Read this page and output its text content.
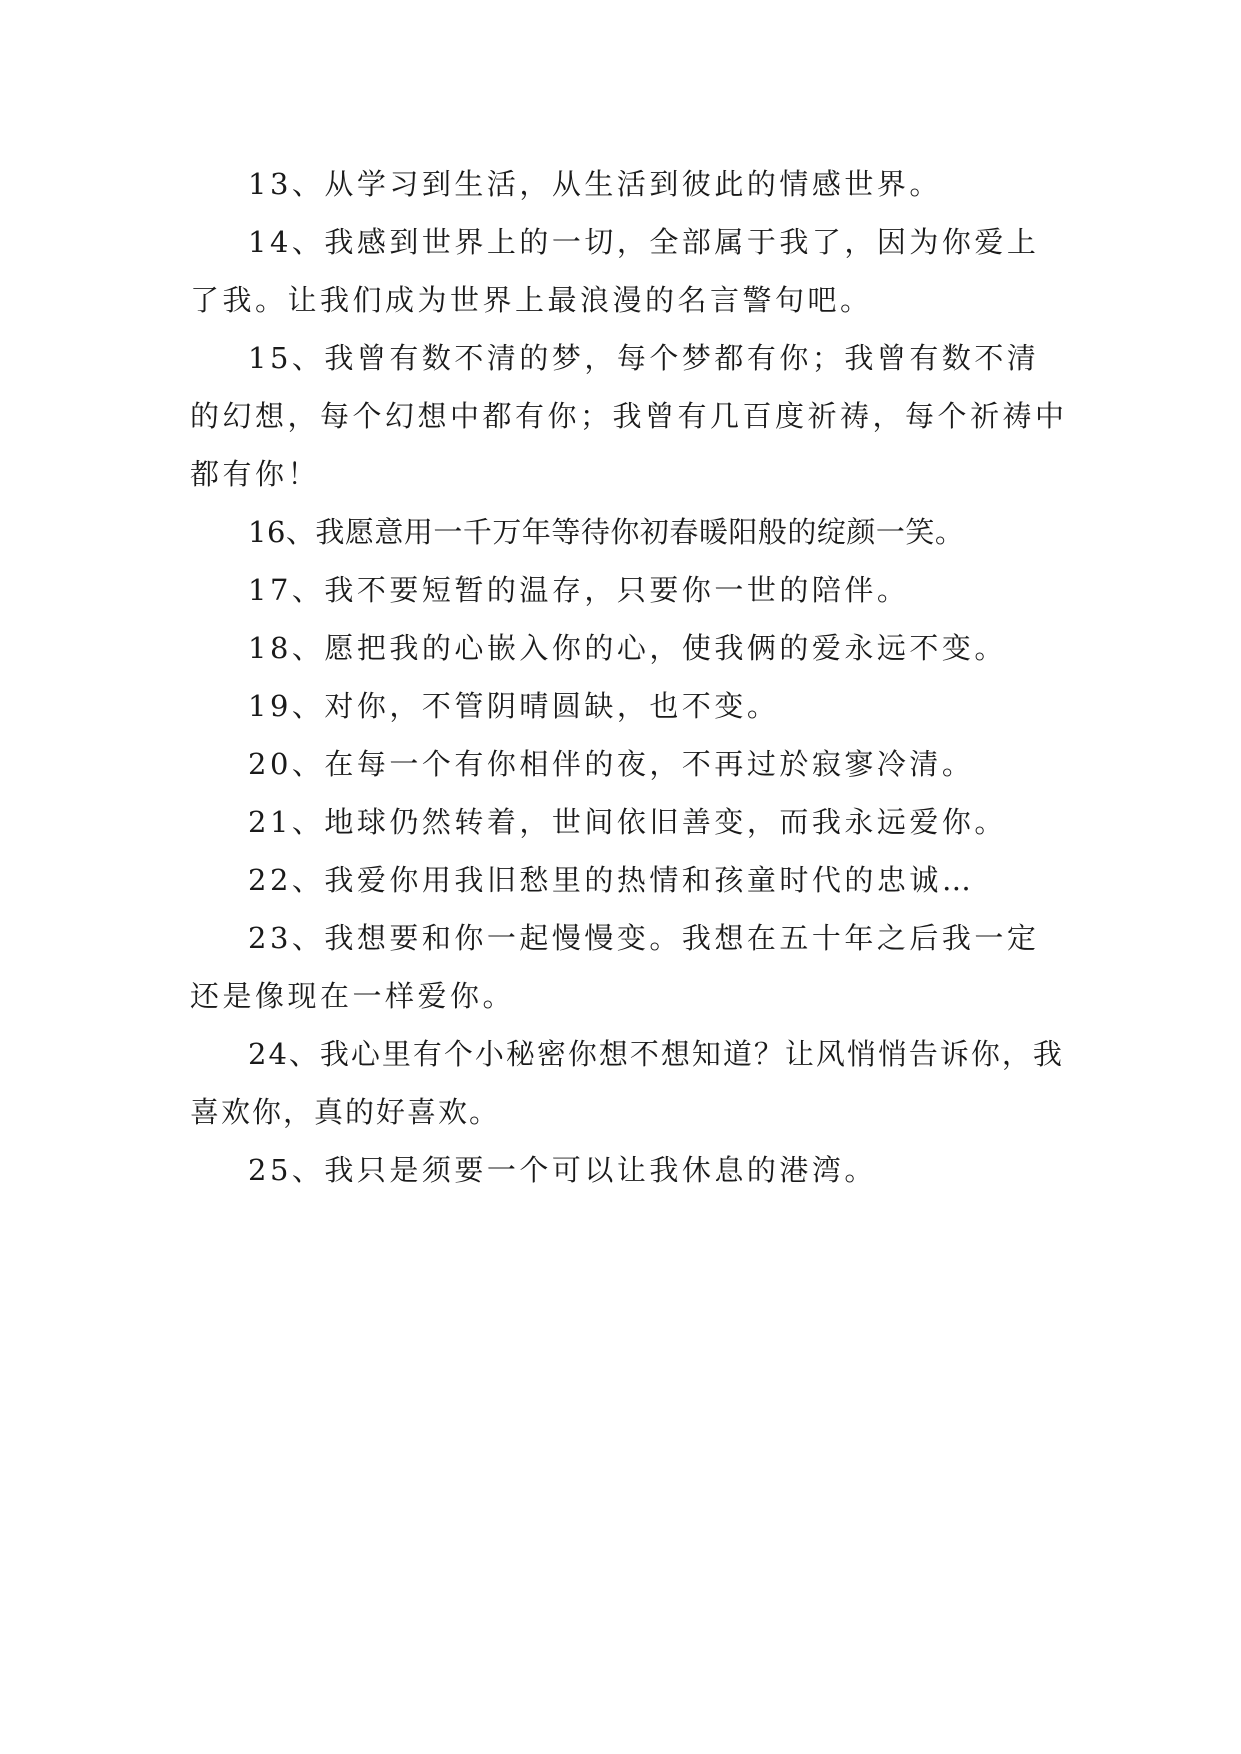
13、从学习到生活，从生活到彼此的情感世界。

14、我感到世界上的一切，全部属于我了，因为你爱上了我。让我们成为世界上最浪漫的名言警句吧。

15、我曾有数不清的梦，每个梦都有你；我曾有数不清的幻想，每个幻想中都有你；我曾有几百度祈祷，每个祈祷中都有你！

16、我愿意用一千万年等待你初春暖阳般的绽颜一笑。

17、我不要短暂的温存，只要你一世的陪伴。

18、愿把我的心嵌入你的心，使我俩的爱永远不变。

19、对你，不管阴晴圆缺，也不变。

20、在每一个有你相伴的夜，不再过於寂寥冷清。

21、地球仍然转着，世间依旧善变，而我永远爱你。

22、我爱你用我旧愁里的热情和孩童时代的忠诚…

23、我想要和你一起慢慢变。我想在五十年之后我一定还是像现在一样爱你。

24、我心里有个小秘密你想不想知道？让风悄悄告诉你，我喜欢你，真的好喜欢。

25、我只是须要一个可以让我休息的港湾。
